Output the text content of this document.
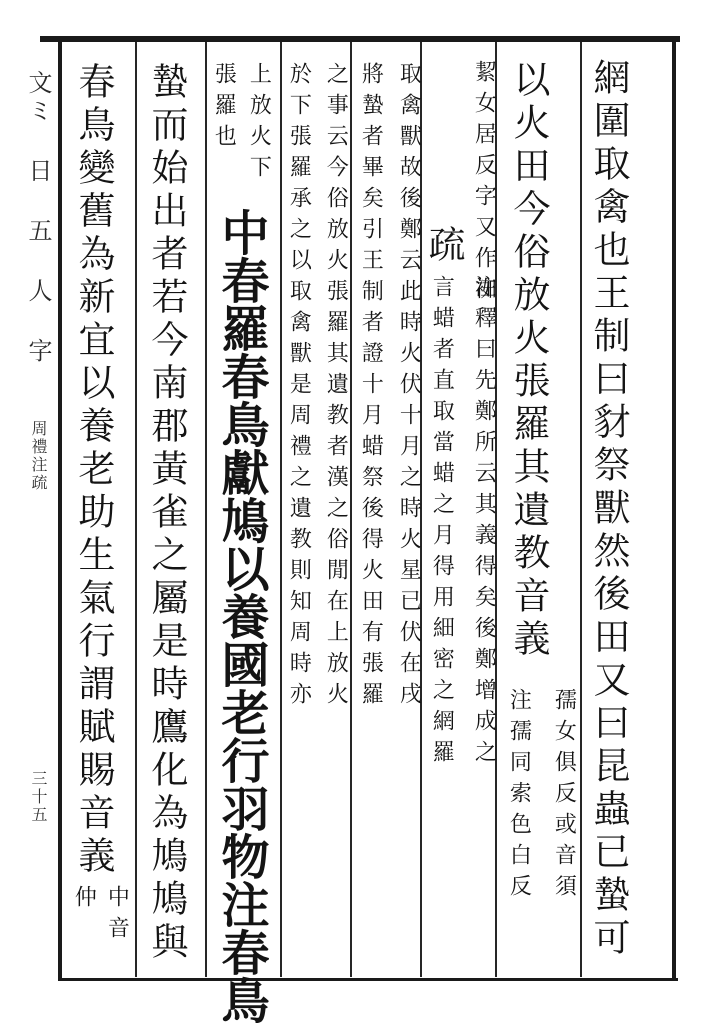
文ミ 日 五 人 字
周禮注疏
三十五	網圍取禽也王制曰豺祭獸然後田又曰昆蟲已蟄可
以火田今俗放火張羅其遺教音義
孺女俱反或音須
注孺同索色白反
絜女居反字又作袽
疏
注釋曰先鄭所云其義得矣後鄭增成之
言蜡者直取當蜡之月得用細密之網羅
取禽獸故後鄭云此時火伏十月之時火星已伏在戌
將蟄者畢矣引王制者證十月蜡祭後得火田有張羅
之事云今俗放火張羅其遺教者漢之俗閒在上放火
於下張羅承之以取禽獸是周禮之遺教則知周時亦
上放火下
張羅也
中春羅春鳥獻鳩以養國老行羽物注春鳥
蟄而始出者若今南郡黃雀之屬是時鷹化為鳩鳩與
春鳥變舊為新宜以養老助生氣行謂賦賜音義
中音
仲
